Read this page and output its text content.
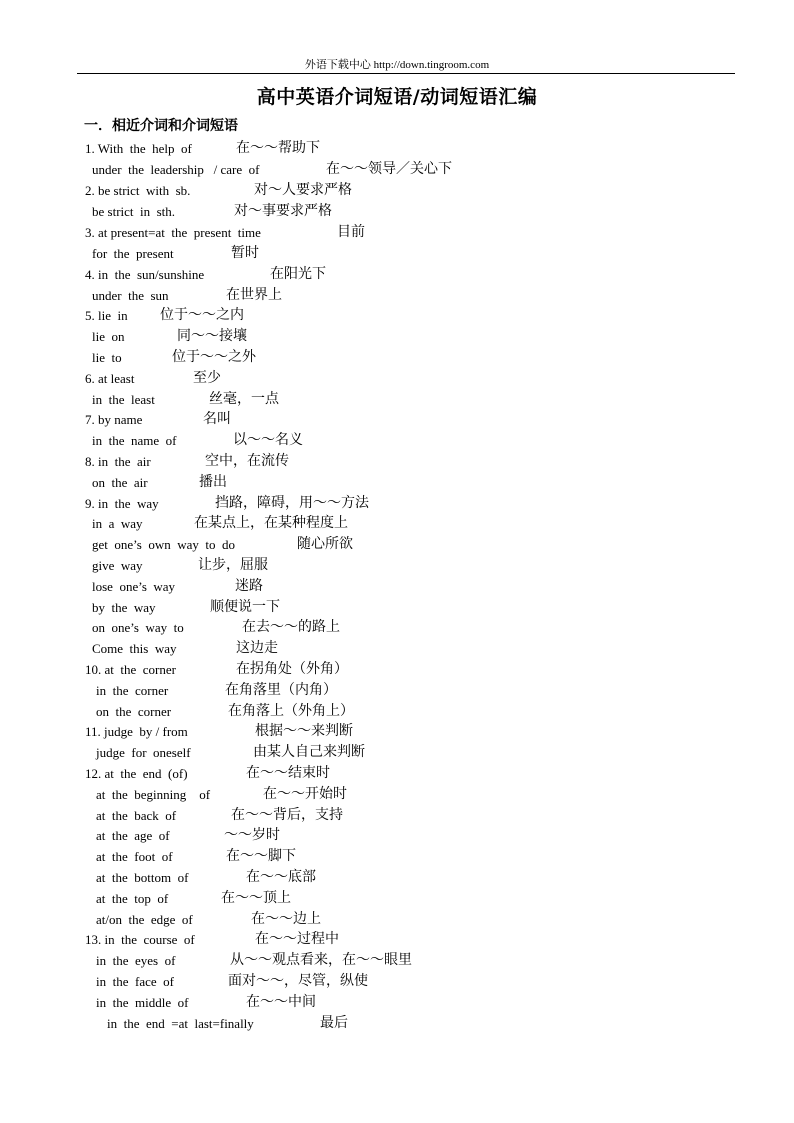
外语下载中心 http://down.tingroom.com
高中英语介词短语/动词短语汇编
一．相近介词和介词短语
1. With  the  help  of	在～～帮助下
under  the  leadership   / care  of	在～～领导／关心下
2. be strict  with  sb.	对～人要求严格
be strict  in  sth.	对～事要求严格
3. at present=at  the  present  time	目前
for  the  present	暂时
4. in  the  sun/sunshine	在阳光下
under  the  sun	在世界上
5. lie  in 位于～～之内
lie  on	同～～接壤
lie  to	位于～～之外
6. at least	至少
in  the  least	丝毫，一点
7. by name	名叫
in  the  name  of	以～～名义
8. in  the  air	空中，在流传
on  the  air	播出
9. in  the  way	挡路，障碍，用～～方法
in  a  way	在某点上，在某种程度上
get  one’s  own  way  to  do	随心所欲
give  way	让步，屈服
lose  one’s  way	迷路
by  the  way	顺便说一下
on  one’s  way  to	在去～～的路上
Come  this  way	这边走
10. at  the  corner	在拐角处（外角）
in  the  corner	在角落里（内角）
on  the  corner	在角落上（外角上）
11. judge  by / from	根据～～来判断
judge  for  oneself	由某人自己来判断
12. at  the  end  (of)	在～～结束时
at  the  beginning    of	在～～开始时
at  the  back  of	在～～背后，支持
at  the  age  of	～～岁时
at  the  foot  of	在～～脚下
at  the  bottom  of	在～～底部
at  the  top  of	在～～顶上
at/on  the  edge  of	在～～边上
13. in  the  course  of	在～～过程中
in  the  eyes  of	从～～观点看来，在～～眼里
in  the  face  of	面对～～，尽管，纵使
in  the  middle  of	在～～中间
in  the  end  =at  last=finally	最后
